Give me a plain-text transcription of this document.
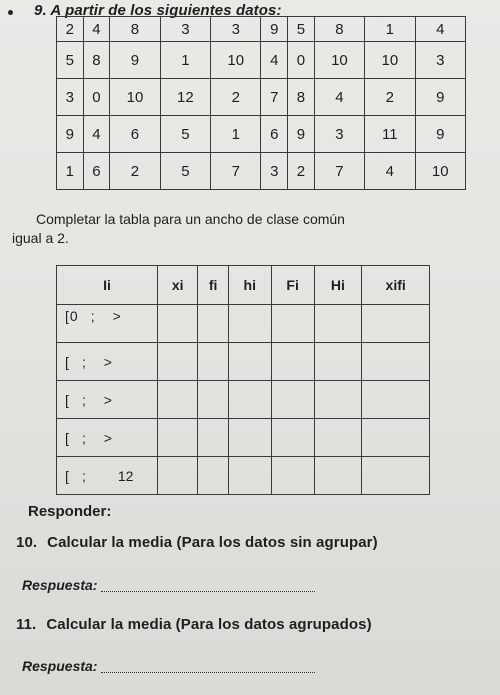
9. A partir de los siguientes datos:
2	4	8	3	3	9	5	8	1	4
5	8	9	1	10	4	0	10	10	3
3	0	10	12	2	7	8	4	2	9
9	4	6	5	1	6	9	3	11	9
1	6	2	5	7	3	2	7	4	10
Completar la tabla para un ancho de clase común
igual a 2.
Ii	xi	fi	hi	Fi	Hi	xifi
[0 ; >						
[ ; >						
[ ; >						
[ ; >						
[ ; 12						
Responder:
10. Calcular la media (Para los datos sin agrupar)
Respuesta:
11. Calcular la media (Para los datos agrupados)
Respuesta:
